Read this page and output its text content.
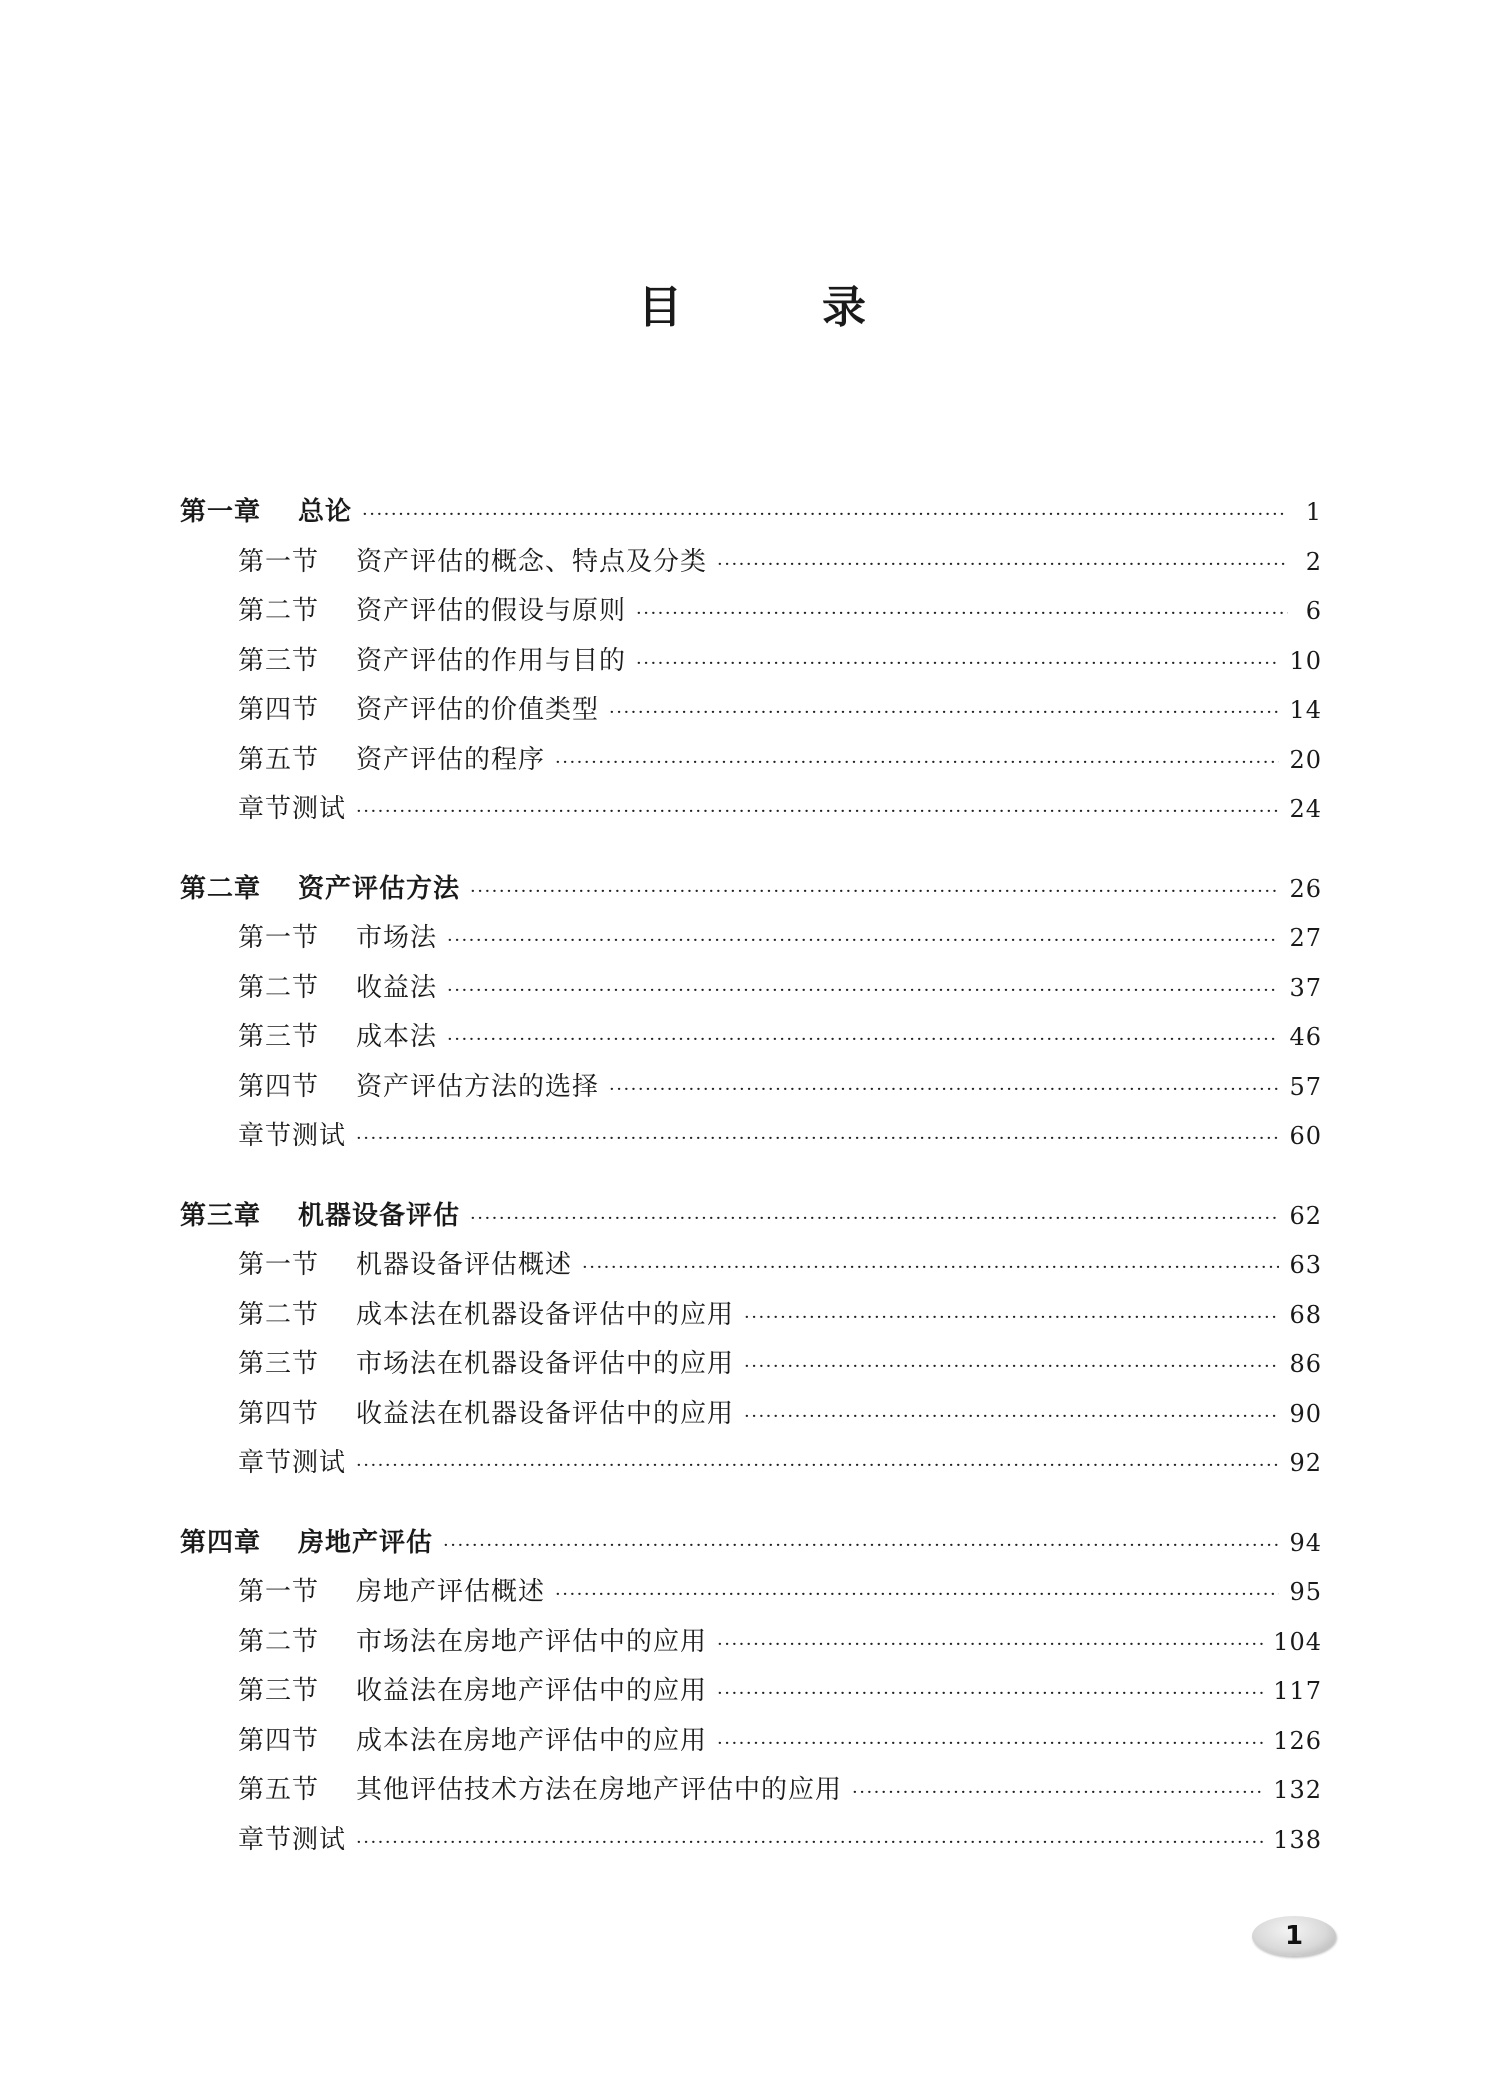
目　录
第一章	总论 ·····	1
第一节	资产评估的概念、特点及分类 ·····	2
第二节	资产评估的假设与原则 ·····	6
第三节	资产评估的作用与目的 ·····	10
第四节	资产评估的价值类型 ·····	14
第五节	资产评估的程序 ·····	20
章节测试 ·····	24
第二章	资产评估方法 ·····	26
第一节	市场法 ·····	27
第二节	收益法 ·····	37
第三节	成本法 ·····	46
第四节	资产评估方法的选择 ·····	57
章节测试 ·····	60
第三章	机器设备评估 ·····	62
第一节	机器设备评估概述 ·····	63
第二节	成本法在机器设备评估中的应用 ·····	68
第三节	市场法在机器设备评估中的应用 ·····	86
第四节	收益法在机器设备评估中的应用 ·····	90
章节测试 ·····	92
第四章	房地产评估 ·····	94
第一节	房地产评估概述 ·····	95
第二节	市场法在房地产评估中的应用 ·····	104
第三节	收益法在房地产评估中的应用 ·····	117
第四节	成本法在房地产评估中的应用 ·····	126
第五节	其他评估技术方法在房地产评估中的应用 ·····	132
章节测试 ·····	138
1
